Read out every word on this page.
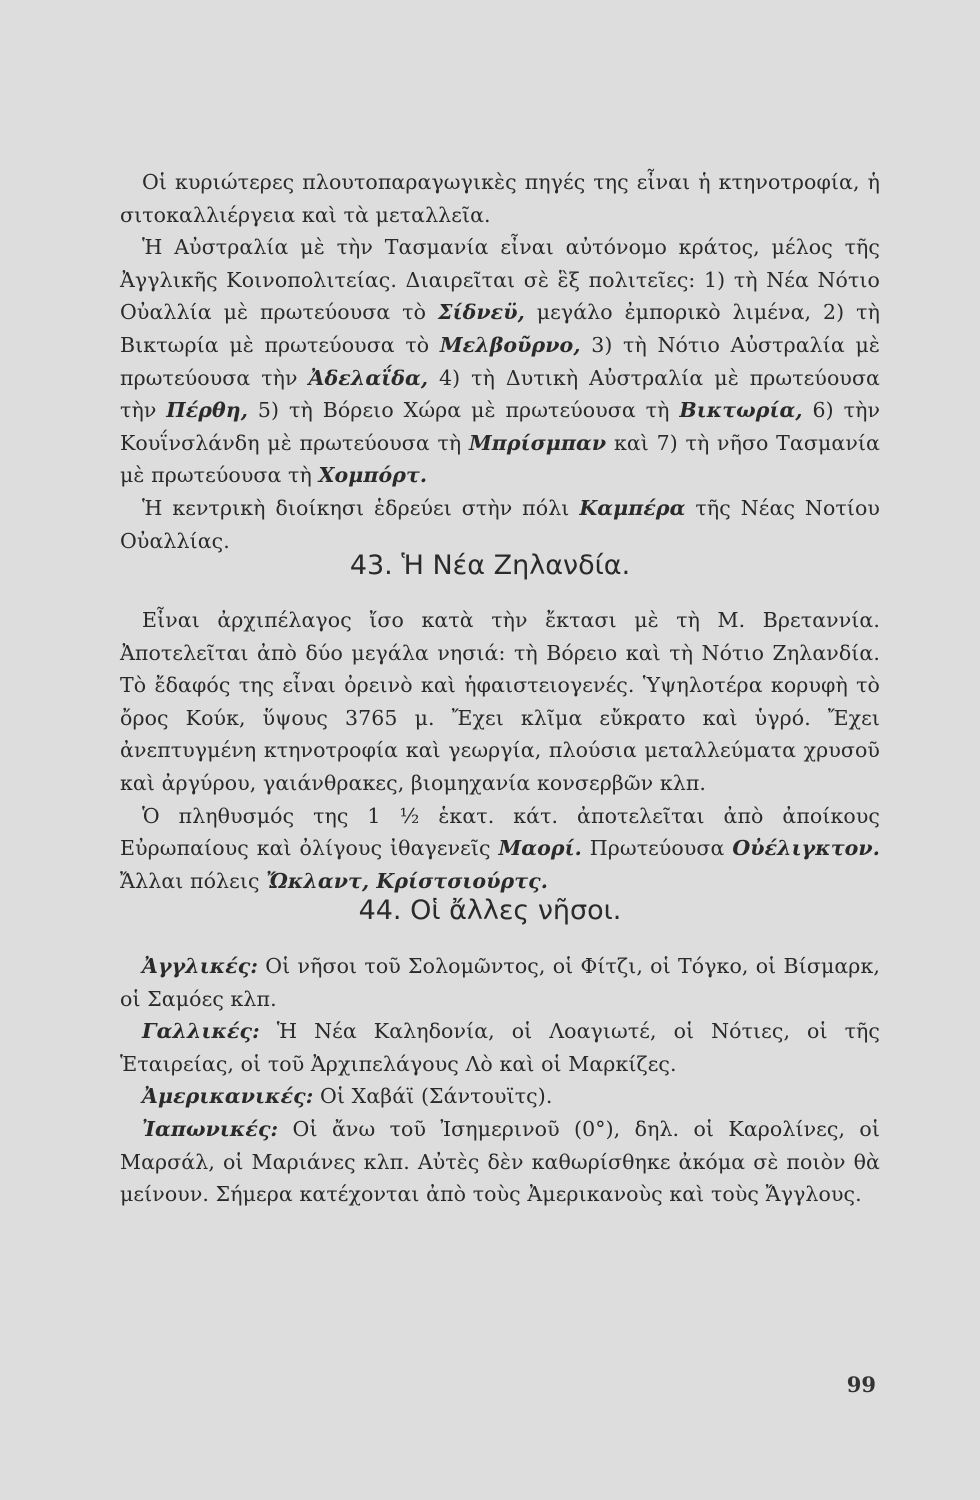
Οἱ κυριώτερες πλουτοπαραγωγικὲς πηγές της εἶναι ἡ κτηνοτροφία, ἡ σιτοκαλλιέργεια καὶ τὰ μεταλλεῖα.

Ἡ Αὐστραλία μὲ τὴν Τασμανία εἶναι αὐτόνομο κράτος, μέλος τῆς Ἀγγλικῆς Κοινοπολιτείας. Διαιρεῖται σὲ ἓξ πολιτεῖες: 1) τὴ Νέα Νότιο Οὐαλλία μὲ πρωτεύουσα τὸ Σίδνεϋ, μεγάλο ἐμπορικὸ λιμένα, 2) τὴ Βικτωρία μὲ πρωτεύουσα τὸ Μελβοῦρνο, 3) τὴ Νότιο Αὐστραλία μὲ πρωτεύουσα τὴν Ἀδελαΐδα, 4) τὴ Δυτικὴ Αὐστραλία μὲ πρωτεύουσα τὴν Πέρθη, 5) τὴ Βόρειο Χώρα μὲ πρωτεύουσα τὴ Βικτωρία, 6) τὴν Κουΐνσλάνδη μὲ πρωτεύουσα τὴ Μπρίσμπαν καὶ 7) τὴ νῆσο Τασμανία μὲ πρωτεύουσα τὴ Χομπόρτ.

Ἡ κεντρικὴ διοίκησι ἑδρεύει στὴν πόλι Καμπέρα τῆς Νέας Νοτίου Οὐαλλίας.

43. Ἡ Νέα Ζηλανδία.

Εἶναι ἀρχιπέλαγος ἴσο κατὰ τὴν ἔκτασι μὲ τὴ Μ. Βρεταννία. Ἀποτελεῖται ἀπὸ δύο μεγάλα νησιά: τὴ Βόρειο καὶ τὴ Νότιο Ζηλανδία. Τὸ ἔδαφός της εἶναι ὀρεινὸ καὶ ἡφαιστειογενές. Ὑψηλοτέρα κορυφὴ τὸ ὄρος Κούκ, ὕψους 3765 μ. Ἔχει κλῖμα εὔκρατο καὶ ὑγρό. Ἔχει ἀνεπτυγμένη κτηνοτροφία καὶ γεωργία, πλούσια μεταλλεύματα χρυσοῦ καὶ ἀργύρου, γαιάνθρακες, βιομηχανία κονσερβῶν κλπ.

Ὁ πληθυσμός της 1 ½ ἑκατ. κάτ. ἀποτελεῖται ἀπὸ ἀποίκους Εὐρωπαίους καὶ ὀλίγους ἰθαγενεῖς Μαορί. Πρωτεύουσα Οὐέλιγκτον. Ἄλλαι πόλεις Ὤκλαντ, Κρίστσιούρτς.

44. Οἱ ἄλλες νῆσοι.

Ἀγγλικές: Οἱ νῆσοι τοῦ Σολομῶντος, οἱ Φίτζι, οἱ Τόγκο, οἱ Βίσμαρκ, οἱ Σαμόες κλπ.

Γαλλικές: Ἡ Νέα Καληδονία, οἱ Λοαγιωτέ, οἱ Νότιες, οἱ τῆς Ἑταιρείας, οἱ τοῦ Ἀρχιπελάγους Λὸ καὶ οἱ Μαρκίζες.

Ἀμερικανικές: Οἱ Χαβάϊ (Σάντουϊτς).

Ἰαπωνικές: Οἱ ἄνω τοῦ Ἰσημερινοῦ (0°), δηλ. οἱ Καρολίνες, οἱ Μαρσάλ, οἱ Μαριάνες κλπ. Αὐτὲς δὲν καθωρίσθηκε ἀκόμα σὲ ποιὸν θὰ μείνουν. Σήμερα κατέχονται ἀπὸ τοὺς Ἀμερικανοὺς καὶ τοὺς Ἄγγλους.

99
